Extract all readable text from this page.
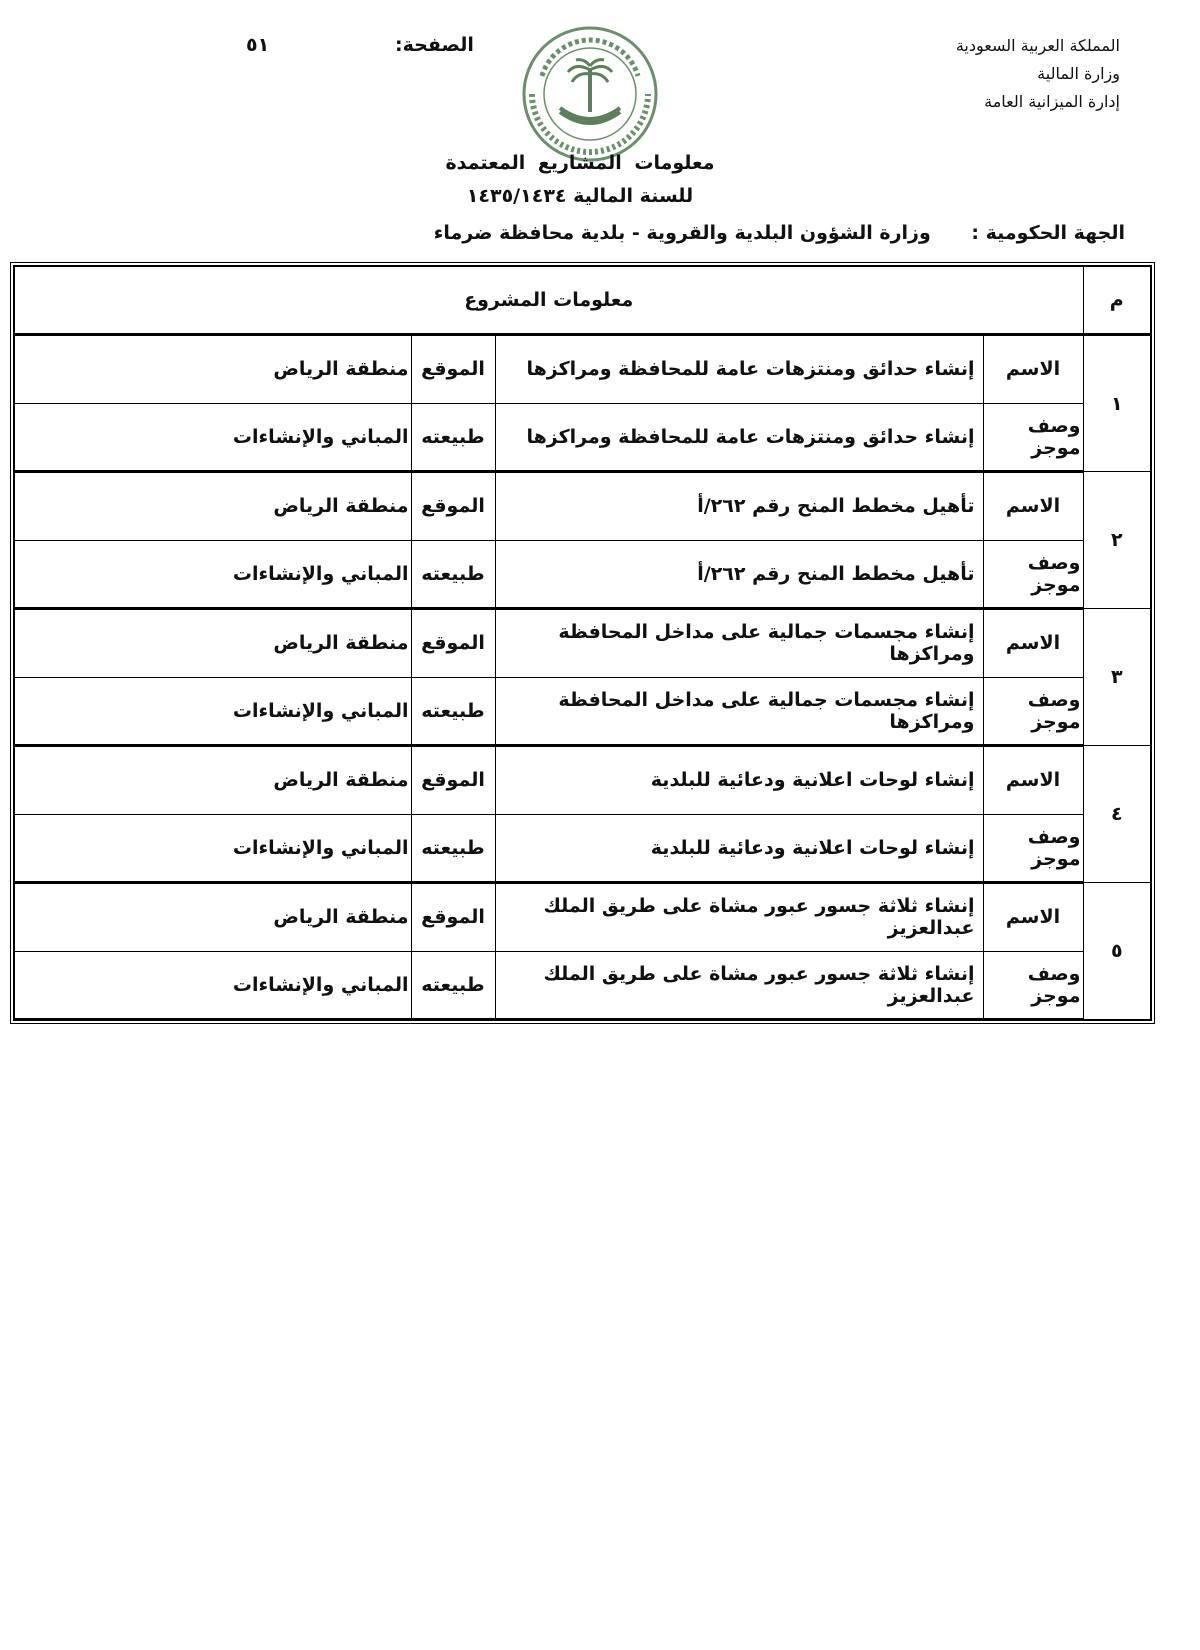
المملكة العربية السعودية
وزارة المالية
إدارة الميزانية العامة
الصفحة:
٥١
معلومات المشاريع المعتمدة
للسنة المالية ١٤٣٥/١٤٣٤
الجهة الحكومية : وزارة الشؤون البلدية والقروية - بلدية محافظة ضرماء
م	معلومات المشروع			
١	الاسم	إنشاء حدائق ومنتزهات عامة للمحافظة ومراكزها	الموقع	منطقة الرياض
	وصف موجز	إنشاء حدائق ومنتزهات عامة للمحافظة ومراكزها	طبيعته	المباني والإنشاءات
٢	الاسم	تأهيل مخطط المنح رقم ٢٦٢/أ	الموقع	منطقة الرياض
	وصف موجز	تأهيل مخطط المنح رقم ٢٦٢/أ	طبيعته	المباني والإنشاءات
٣	الاسم	إنشاء مجسمات جمالية على مداخل المحافظة ومراكزها	الموقع	منطقة الرياض
	وصف موجز	إنشاء مجسمات جمالية على مداخل المحافظة ومراكزها	طبيعته	المباني والإنشاءات
٤	الاسم	إنشاء لوحات اعلانية ودعائية للبلدية	الموقع	منطقة الرياض
	وصف موجز	إنشاء لوحات اعلانية ودعائية للبلدية	طبيعته	المباني والإنشاءات
٥	الاسم	إنشاء ثلاثة جسور عبور مشاة على طريق الملك عبدالعزيز	الموقع	منطقة الرياض
	وصف موجز	إنشاء ثلاثة جسور عبور مشاة على طريق الملك عبدالعزيز	طبيعته	المباني والإنشاءات
